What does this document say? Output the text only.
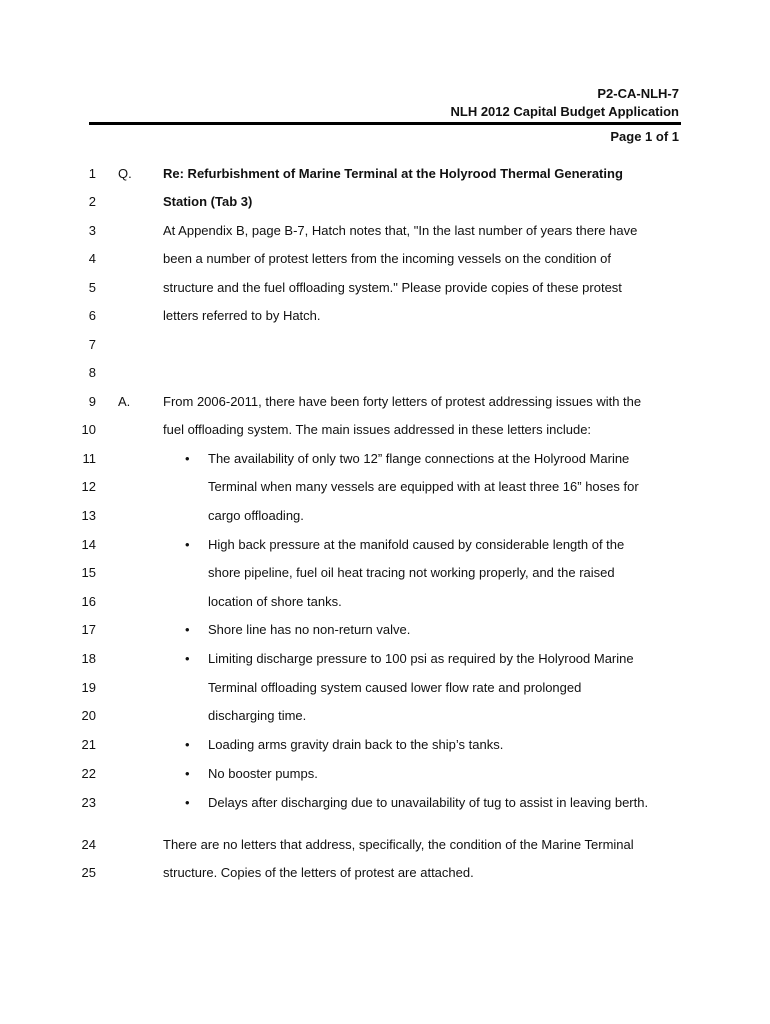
P2-CA-NLH-7
NLH 2012 Capital Budget Application
Page 1 of 1
1
2
3
4
5
6
7
8
9
10
11
12
13
14
15
16
17
18
19
20
21
22
23
24
25
Q. Re: Refurbishment of Marine Terminal at the Holyrood Thermal Generating
Station (Tab 3)
At Appendix B, page B-7, Hatch notes that, "In the last number of years there have
been a number of protest letters from the incoming vessels on the condition of
structure and the fuel offloading system." Please provide copies of these protest
letters referred to by Hatch.
A.	From 2006-2011, there have been forty letters of protest addressing issues with the
fuel offloading system. The main issues addressed in these letters include:
• The availability of only two 12” flange connections at the Holyrood Marine
Terminal when many vessels are equipped with at least three 16” hoses for
cargo offloading.
• High back pressure at the manifold caused by considerable length of the
shore pipeline, fuel oil heat tracing not working properly, and the raised
location of shore tanks.
• Shore line has no non-return valve.
• Limiting discharge pressure to 100 psi as required by the Holyrood Marine
Terminal offloading system caused lower flow rate and prolonged
discharging time.
• Loading arms gravity drain back to the ship’s tanks.
• No booster pumps.
• Delays after discharging due to unavailability of tug to assist in leaving berth.
There are no letters that address, specifically, the condition of the Marine Terminal
structure. Copies of the letters of protest are attached.
